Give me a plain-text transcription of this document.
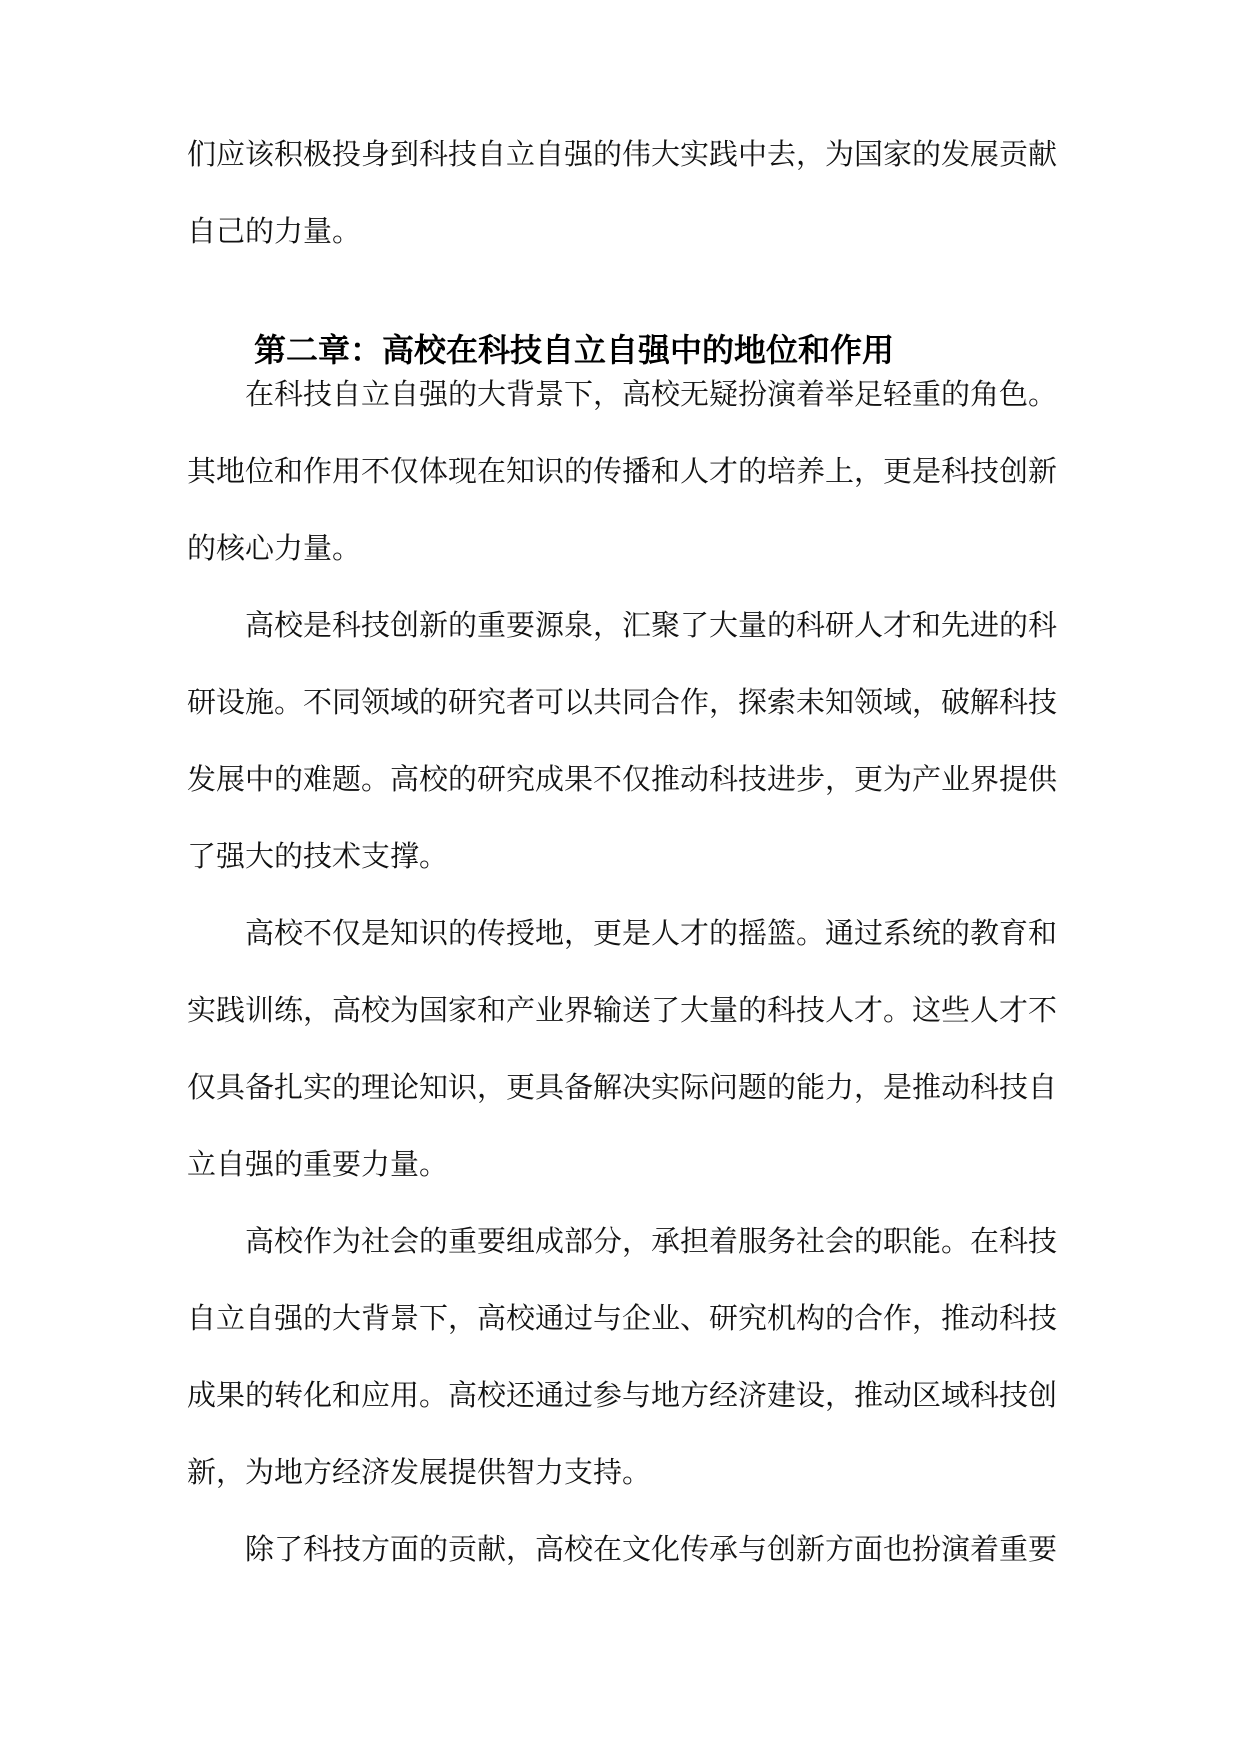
们应该积极投身到科技自立自强的伟大实践中去，为国家的发展贡献
自己的力量。
第二章：高校在科技自立自强中的地位和作用
在科技自立自强的大背景下，高校无疑扮演着举足轻重的角色。
其地位和作用不仅体现在知识的传播和人才的培养上，更是科技创新
的核心力量。
高校是科技创新的重要源泉，汇聚了大量的科研人才和先进的科
研设施。不同领域的研究者可以共同合作，探索未知领域，破解科技
发展中的难题。高校的研究成果不仅推动科技进步，更为产业界提供
了强大的技术支撑。
高校不仅是知识的传授地，更是人才的摇篮。通过系统的教育和
实践训练，高校为国家和产业界输送了大量的科技人才。这些人才不
仅具备扎实的理论知识，更具备解决实际问题的能力，是推动科技自
立自强的重要力量。
高校作为社会的重要组成部分，承担着服务社会的职能。在科技
自立自强的大背景下，高校通过与企业、研究机构的合作，推动科技
成果的转化和应用。高校还通过参与地方经济建设，推动区域科技创
新，为地方经济发展提供智力支持。
除了科技方面的贡献，高校在文化传承与创新方面也扮演着重要
